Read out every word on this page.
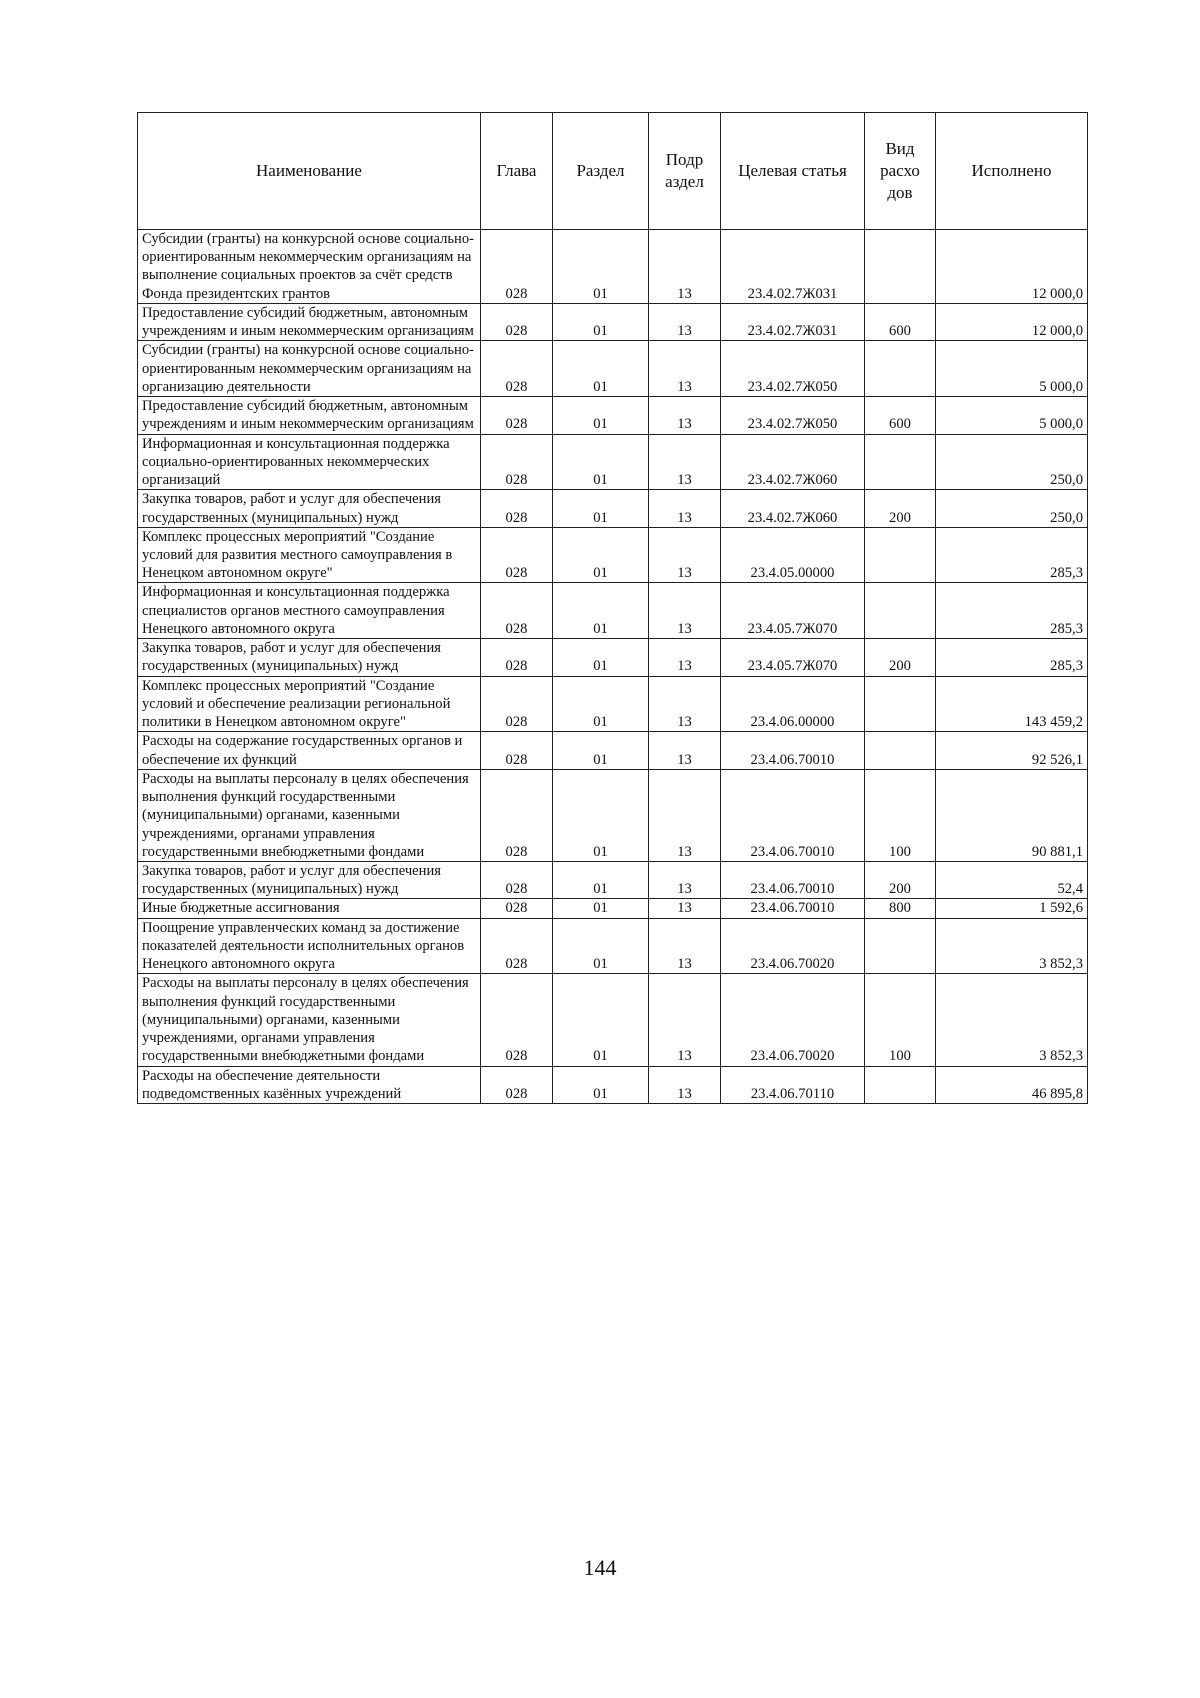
Наименование	Глава	Раздел	Подр аздел	Целевая статья	Вид расхо дов	Исполнено
Субсидии (гранты) на конкурсной основе социально-ориентированным некоммерческим организациям на выполнение социальных проектов за счёт средств Фонда президентских грантов	028	01	13	23.4.02.7Ж031		12 000,0
Предоставление субсидий бюджетным, автономным учреждениям и иным некоммерческим организациям	028	01	13	23.4.02.7Ж031	600	12 000,0
Субсидии (гранты) на конкурсной основе социально-ориентированным некоммерческим организациям на организацию деятельности	028	01	13	23.4.02.7Ж050		5 000,0
Предоставление субсидий бюджетным, автономным учреждениям и иным некоммерческим организациям	028	01	13	23.4.02.7Ж050	600	5 000,0
Информационная и консультационная поддержка социально-ориентированных некоммерческих организаций	028	01	13	23.4.02.7Ж060		250,0
Закупка товаров, работ и услуг для обеспечения государственных (муниципальных) нужд	028	01	13	23.4.02.7Ж060	200	250,0
Комплекс процессных мероприятий "Создание условий для развития местного самоуправления в Ненецком автономном округе"	028	01	13	23.4.05.00000		285,3
Информационная и консультационная поддержка специалистов органов местного самоуправления Ненецкого автономного округа	028	01	13	23.4.05.7Ж070		285,3
Закупка товаров, работ и услуг для обеспечения государственных (муниципальных) нужд	028	01	13	23.4.05.7Ж070	200	285,3
Комплекс процессных мероприятий "Создание условий и обеспечение реализации региональной политики в Ненецком автономном округе"	028	01	13	23.4.06.00000		143 459,2
Расходы на содержание государственных органов и обеспечение их функций	028	01	13	23.4.06.70010		92 526,1
Расходы на выплаты персоналу в целях обеспечения выполнения функций государственными (муниципальными) органами, казенными учреждениями, органами управления государственными внебюджетными фондами	028	01	13	23.4.06.70010	100	90 881,1
Закупка товаров, работ и услуг для обеспечения государственных (муниципальных) нужд	028	01	13	23.4.06.70010	200	52,4
Иные бюджетные ассигнования	028	01	13	23.4.06.70010	800	1 592,6
Поощрение управленческих команд за достижение показателей деятельности исполнительных органов Ненецкого автономного округа	028	01	13	23.4.06.70020		3 852,3
Расходы на выплаты персоналу в целях обеспечения выполнения функций государственными (муниципальными) органами, казенными учреждениями, органами управления государственными внебюджетными фондами	028	01	13	23.4.06.70020	100	3 852,3
Расходы на обеспечение деятельности подведомственных казённых учреждений	028	01	13	23.4.06.70110		46 895,8
144
